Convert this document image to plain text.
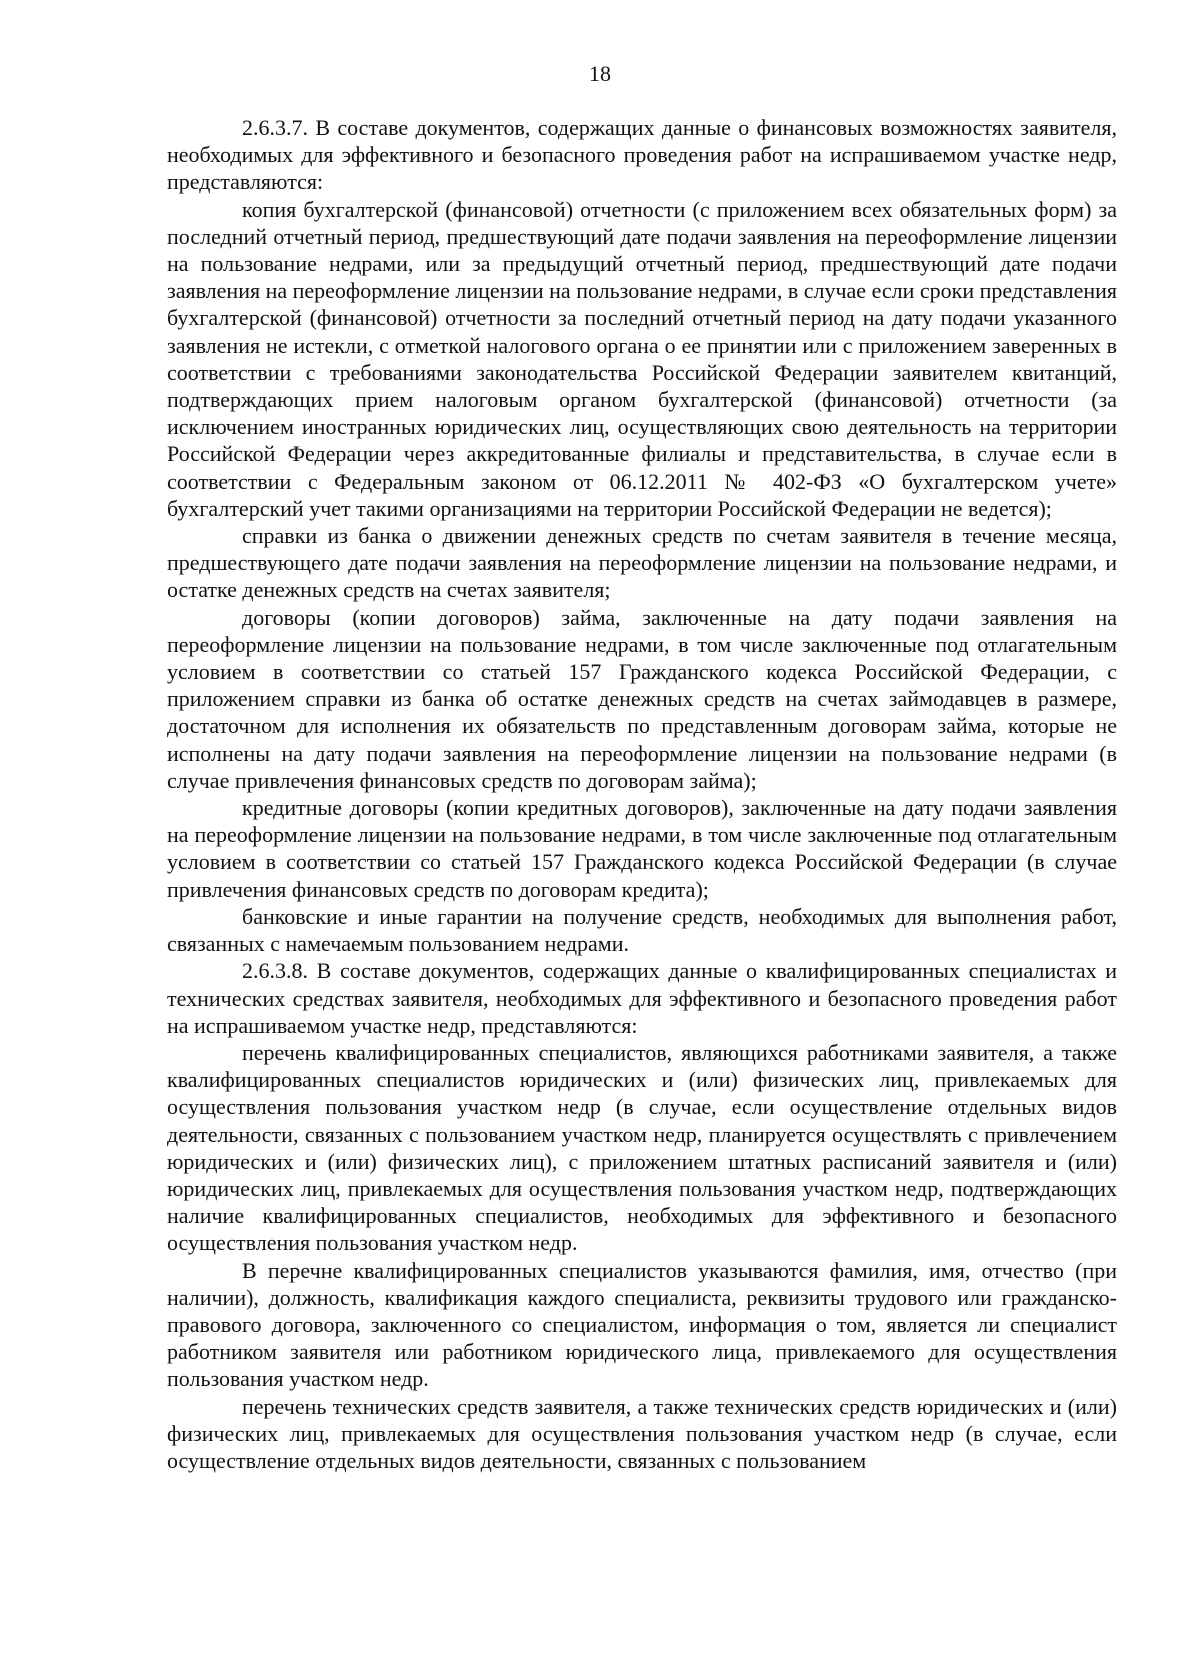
18

2.6.3.7. В составе документов, содержащих данные о финансовых возможностях заявителя, необходимых для эффективного и безопасного проведения работ на испрашиваемом участке недр, представляются:

копия бухгалтерской (финансовой) отчетности (с приложением всех обязательных форм) за последний отчетный период, предшествующий дате подачи заявления на переоформление лицензии на пользование недрами, или за предыдущий отчетный период, предшествующий дате подачи заявления на переоформление лицензии на пользование недрами, в случае если сроки представления бухгалтерской (финансовой) отчетности за последний отчетный период на дату подачи указанного заявления не истекли, с отметкой налогового органа о ее принятии или с приложением заверенных в соответствии с требованиями законодательства Российской Федерации заявителем квитанций, подтверждающих прием налоговым органом бухгалтерской (финансовой) отчетности (за исключением иностранных юридических лиц, осуществляющих свою деятельность на территории Российской Федерации через аккредитованные филиалы и представительства, в случае если в соответствии с Федеральным законом от 06.12.2011 № 402-ФЗ «О бухгалтерском учете» бухгалтерский учет такими организациями на территории Российской Федерации не ведется);

справки из банка о движении денежных средств по счетам заявителя в течение месяца, предшествующего дате подачи заявления на переоформление лицензии на пользование недрами, и остатке денежных средств на счетах заявителя;

договоры (копии договоров) займа, заключенные на дату подачи заявления на переоформление лицензии на пользование недрами, в том числе заключенные под отлагательным условием в соответствии со статьей 157 Гражданского кодекса Российской Федерации, с приложением справки из банка об остатке денежных средств на счетах займодавцев в размере, достаточном для исполнения их обязательств по представленным договорам займа, которые не исполнены на дату подачи заявления на переоформление лицензии на пользование недрами (в случае привлечения финансовых средств по договорам займа);

кредитные договоры (копии кредитных договоров), заключенные на дату подачи заявления на переоформление лицензии на пользование недрами, в том числе заключенные под отлагательным условием в соответствии со статьей 157 Гражданского кодекса Российской Федерации (в случае привлечения финансовых средств по договорам кредита);

банковские и иные гарантии на получение средств, необходимых для выполнения работ, связанных с намечаемым пользованием недрами.

2.6.3.8. В составе документов, содержащих данные о квалифицированных специалистах и технических средствах заявителя, необходимых для эффективного и безопасного проведения работ на испрашиваемом участке недр, представляются:

перечень квалифицированных специалистов, являющихся работниками заявителя, а также квалифицированных специалистов юридических и (или) физических лиц, привлекаемых для осуществления пользования участком недр (в случае, если осуществление отдельных видов деятельности, связанных с пользованием участком недр, планируется осуществлять с привлечением юридических и (или) физических лиц), с приложением штатных расписаний заявителя и (или) юридических лиц, привлекаемых для осуществления пользования участком недр, подтверждающих наличие квалифицированных специалистов, необходимых для эффективного и безопасного осуществления пользования участком недр.

В перечне квалифицированных специалистов указываются фамилия, имя, отчество (при наличии), должность, квалификация каждого специалиста, реквизиты трудового или гражданско-правового договора, заключенного со специалистом, информация о том, является ли специалист работником заявителя или работником юридического лица, привлекаемого для осуществления пользования участком недр.

перечень технических средств заявителя, а также технических средств юридических и (или) физических лиц, привлекаемых для осуществления пользования участком недр (в случае, если осуществление отдельных видов деятельности, связанных с пользованием
